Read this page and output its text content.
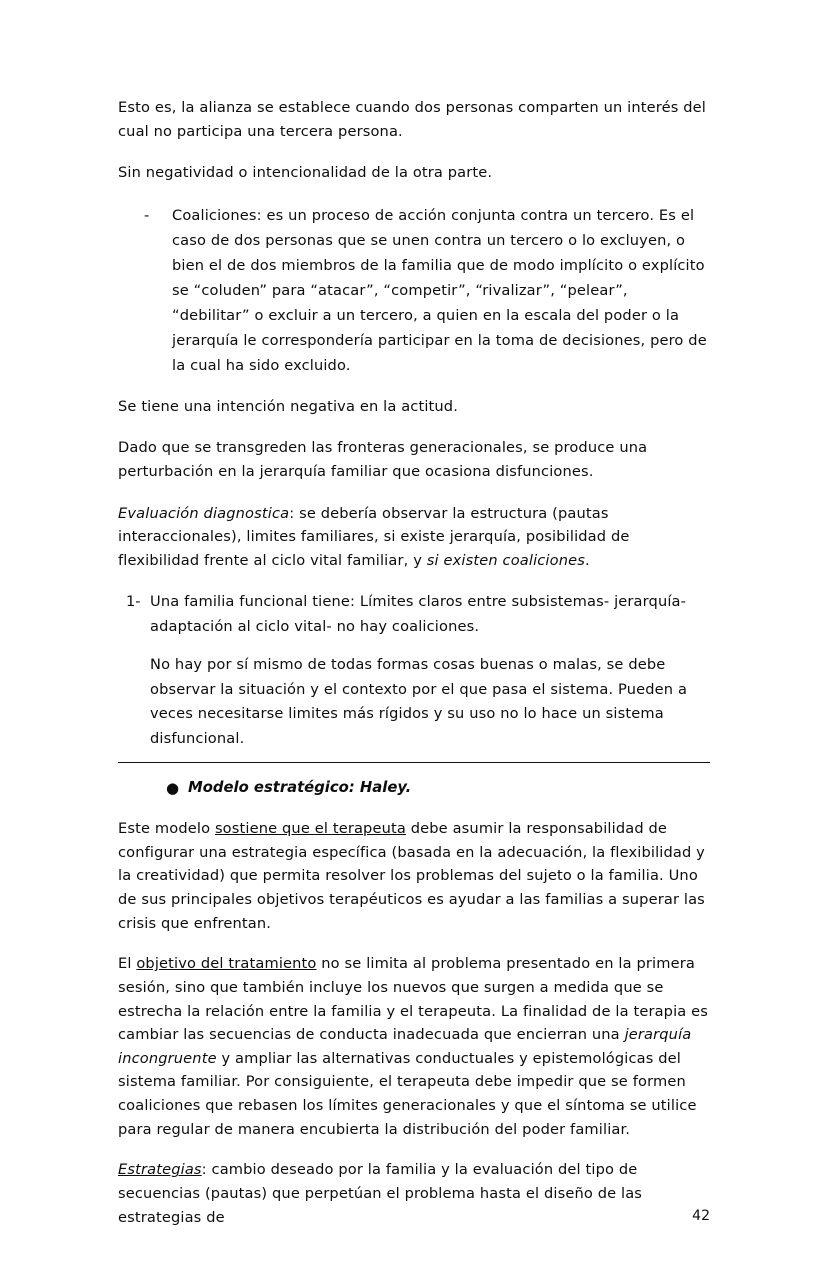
Esto es, la alianza se establece cuando dos personas comparten un interés del cual no participa una tercera persona.

Sin negatividad o intencionalidad de la otra parte.

-	Coaliciones: es un proceso de acción conjunta contra un tercero. Es el caso de dos personas que se unen contra un tercero o lo excluyen, o bien el de dos miembros de la familia que de modo implícito o explícito se “coluden” para “atacar”, “competir”, “rivalizar”, “pelear”, “debilitar” o excluir a un tercero, a quien en la escala del poder o la jerarquía le correspondería participar en la toma de decisiones, pero de la cual ha sido excluido.

Se tiene una intención negativa en la actitud.

Dado que se transgreden las fronteras generacionales, se produce una perturbación en la jerarquía familiar que ocasiona disfunciones.

Evaluación diagnostica: se debería observar la estructura (pautas interaccionales), limites familiares, si existe jerarquía, posibilidad de flexibilidad frente al ciclo vital familiar, y si existen coaliciones.

1- Una familia funcional tiene: Límites claros entre subsistemas- jerarquía- adaptación al ciclo vital- no hay coaliciones.
No hay por sí mismo de todas formas cosas buenas o malas, se debe observar la situación y el contexto por el que pasa el sistema. Pueden a veces necesitarse limites más rígidos y su uso no lo hace un sistema disfuncional.
● Modelo estratégico: Haley.

Este modelo sostiene que el terapeuta debe asumir la responsabilidad de configurar una estrategia específica (basada en la adecuación, la flexibilidad y la creatividad) que permita resolver los problemas del sujeto o la familia. Uno de sus principales objetivos terapéuticos es ayudar a las familias a superar las crisis que enfrentan.

El objetivo del tratamiento no se limita al problema presentado en la primera sesión, sino que también incluye los nuevos que surgen a medida que se estrecha la relación entre la familia y el terapeuta. La finalidad de la terapia es cambiar las secuencias de conducta inadecuada que encierran una jerarquía incongruente y ampliar las alternativas conductuales y epistemológicas del sistema familiar. Por consiguiente, el terapeuta debe impedir que se formen coaliciones que rebasen los límites generacionales y que el síntoma se utilice para regular de manera encubierta la distribución del poder familiar.

Estrategias: cambio deseado por la familia y la evaluación del tipo de secuencias (pautas) que perpetúan el problema hasta el diseño de las estrategias de	42
